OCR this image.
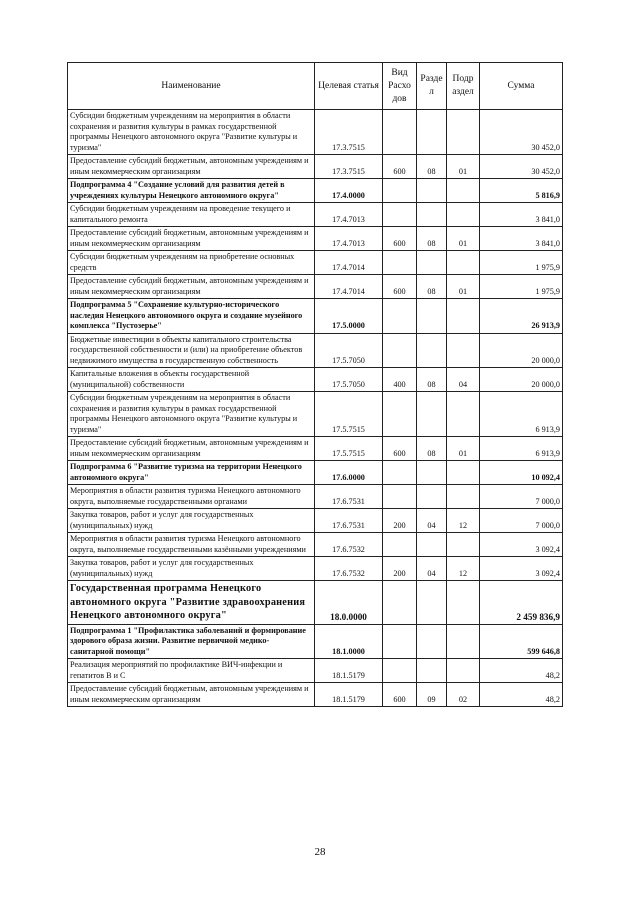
Наименование	Целевая статья	Вид Расхо дов	Разде л	Подр аздел	Сумма
Субсидии бюджетным учреждениям на мероприятия в области сохранения и развития культуры в рамках государственной программы Ненецкого автономного округа "Развитие культуры и туризма"	17.3.7515				30 452,0
Предоставление субсидий бюджетным, автономным учреждениям и иным некоммерческим организациям	17.3.7515	600	08	01	30 452,0
Подпрограмма 4 "Создание условий для развития детей в учреждениях культуры Ненецкого автономного округа"	17.4.0000				5 816,9
Субсидии бюджетным учреждениям на проведение текущего и капитального ремонта	17.4.7013				3 841,0
Предоставление субсидий бюджетным, автономным учреждениям и иным некоммерческим организациям	17.4.7013	600	08	01	3 841,0
Субсидии бюджетным учреждениям на приобретение основных средств	17.4.7014				1 975,9
Предоставление субсидий бюджетным, автономным учреждениям и иным некоммерческим организациям	17.4.7014	600	08	01	1 975,9
Подпрограмма 5 "Сохранение культурно-исторического наследия Ненецкого автономного округа и создание музейного комплекса "Пустозерье"	17.5.0000				26 913,9
Бюджетные инвестиции в объекты капитального строительства государственной собственности и (или) на приобретение объектов недвижимого имущества в государственную собственность	17.5.7050				20 000,0
Капитальные вложения в объекты государственной (муниципальной) собственности	17.5.7050	400	08	04	20 000,0
Субсидии бюджетным учреждениям на мероприятия в области сохранения и развития культуры в рамках государственной программы Ненецкого автономного округа "Развитие культуры и туризма"	17.5.7515				6 913,9
Предоставление субсидий бюджетным, автономным учреждениям и иным некоммерческим организациям	17.5.7515	600	08	01	6 913,9
Подпрограмма 6 "Развитие туризма на территории Ненецкого автономного округа"	17.6.0000				10 092,4
Мероприятия в области развития туризма Ненецкого автономного округа, выполняемые государственными органами	17.6.7531				7 000,0
Закупка товаров, работ и услуг для государственных (муниципальных) нужд	17.6.7531	200	04	12	7 000,0
Мероприятия в области развития туризма Ненецкого автономного округа, выполняемые государственными казёнными учреждениями	17.6.7532				3 092,4
Закупка товаров, работ и услуг для государственных (муниципальных) нужд	17.6.7532	200	04	12	3 092,4
Государственная программа Ненецкого автономного округа "Развитие здравоохранения Ненецкого автономного округа"	18.0.0000				2 459 836,9
Подпрограмма 1 "Профилактика заболеваний и формирование здорового образа жизни. Развитие первичной медико-санитарной помощи"	18.1.0000				599 646,8
Реализация мероприятий по профилактике ВИЧ-инфекции и гепатитов B и C	18.1.5179				48,2
Предоставление субсидий бюджетным, автономным учреждениям и иным некоммерческим организациям	18.1.5179	600	09	02	48,2
28
